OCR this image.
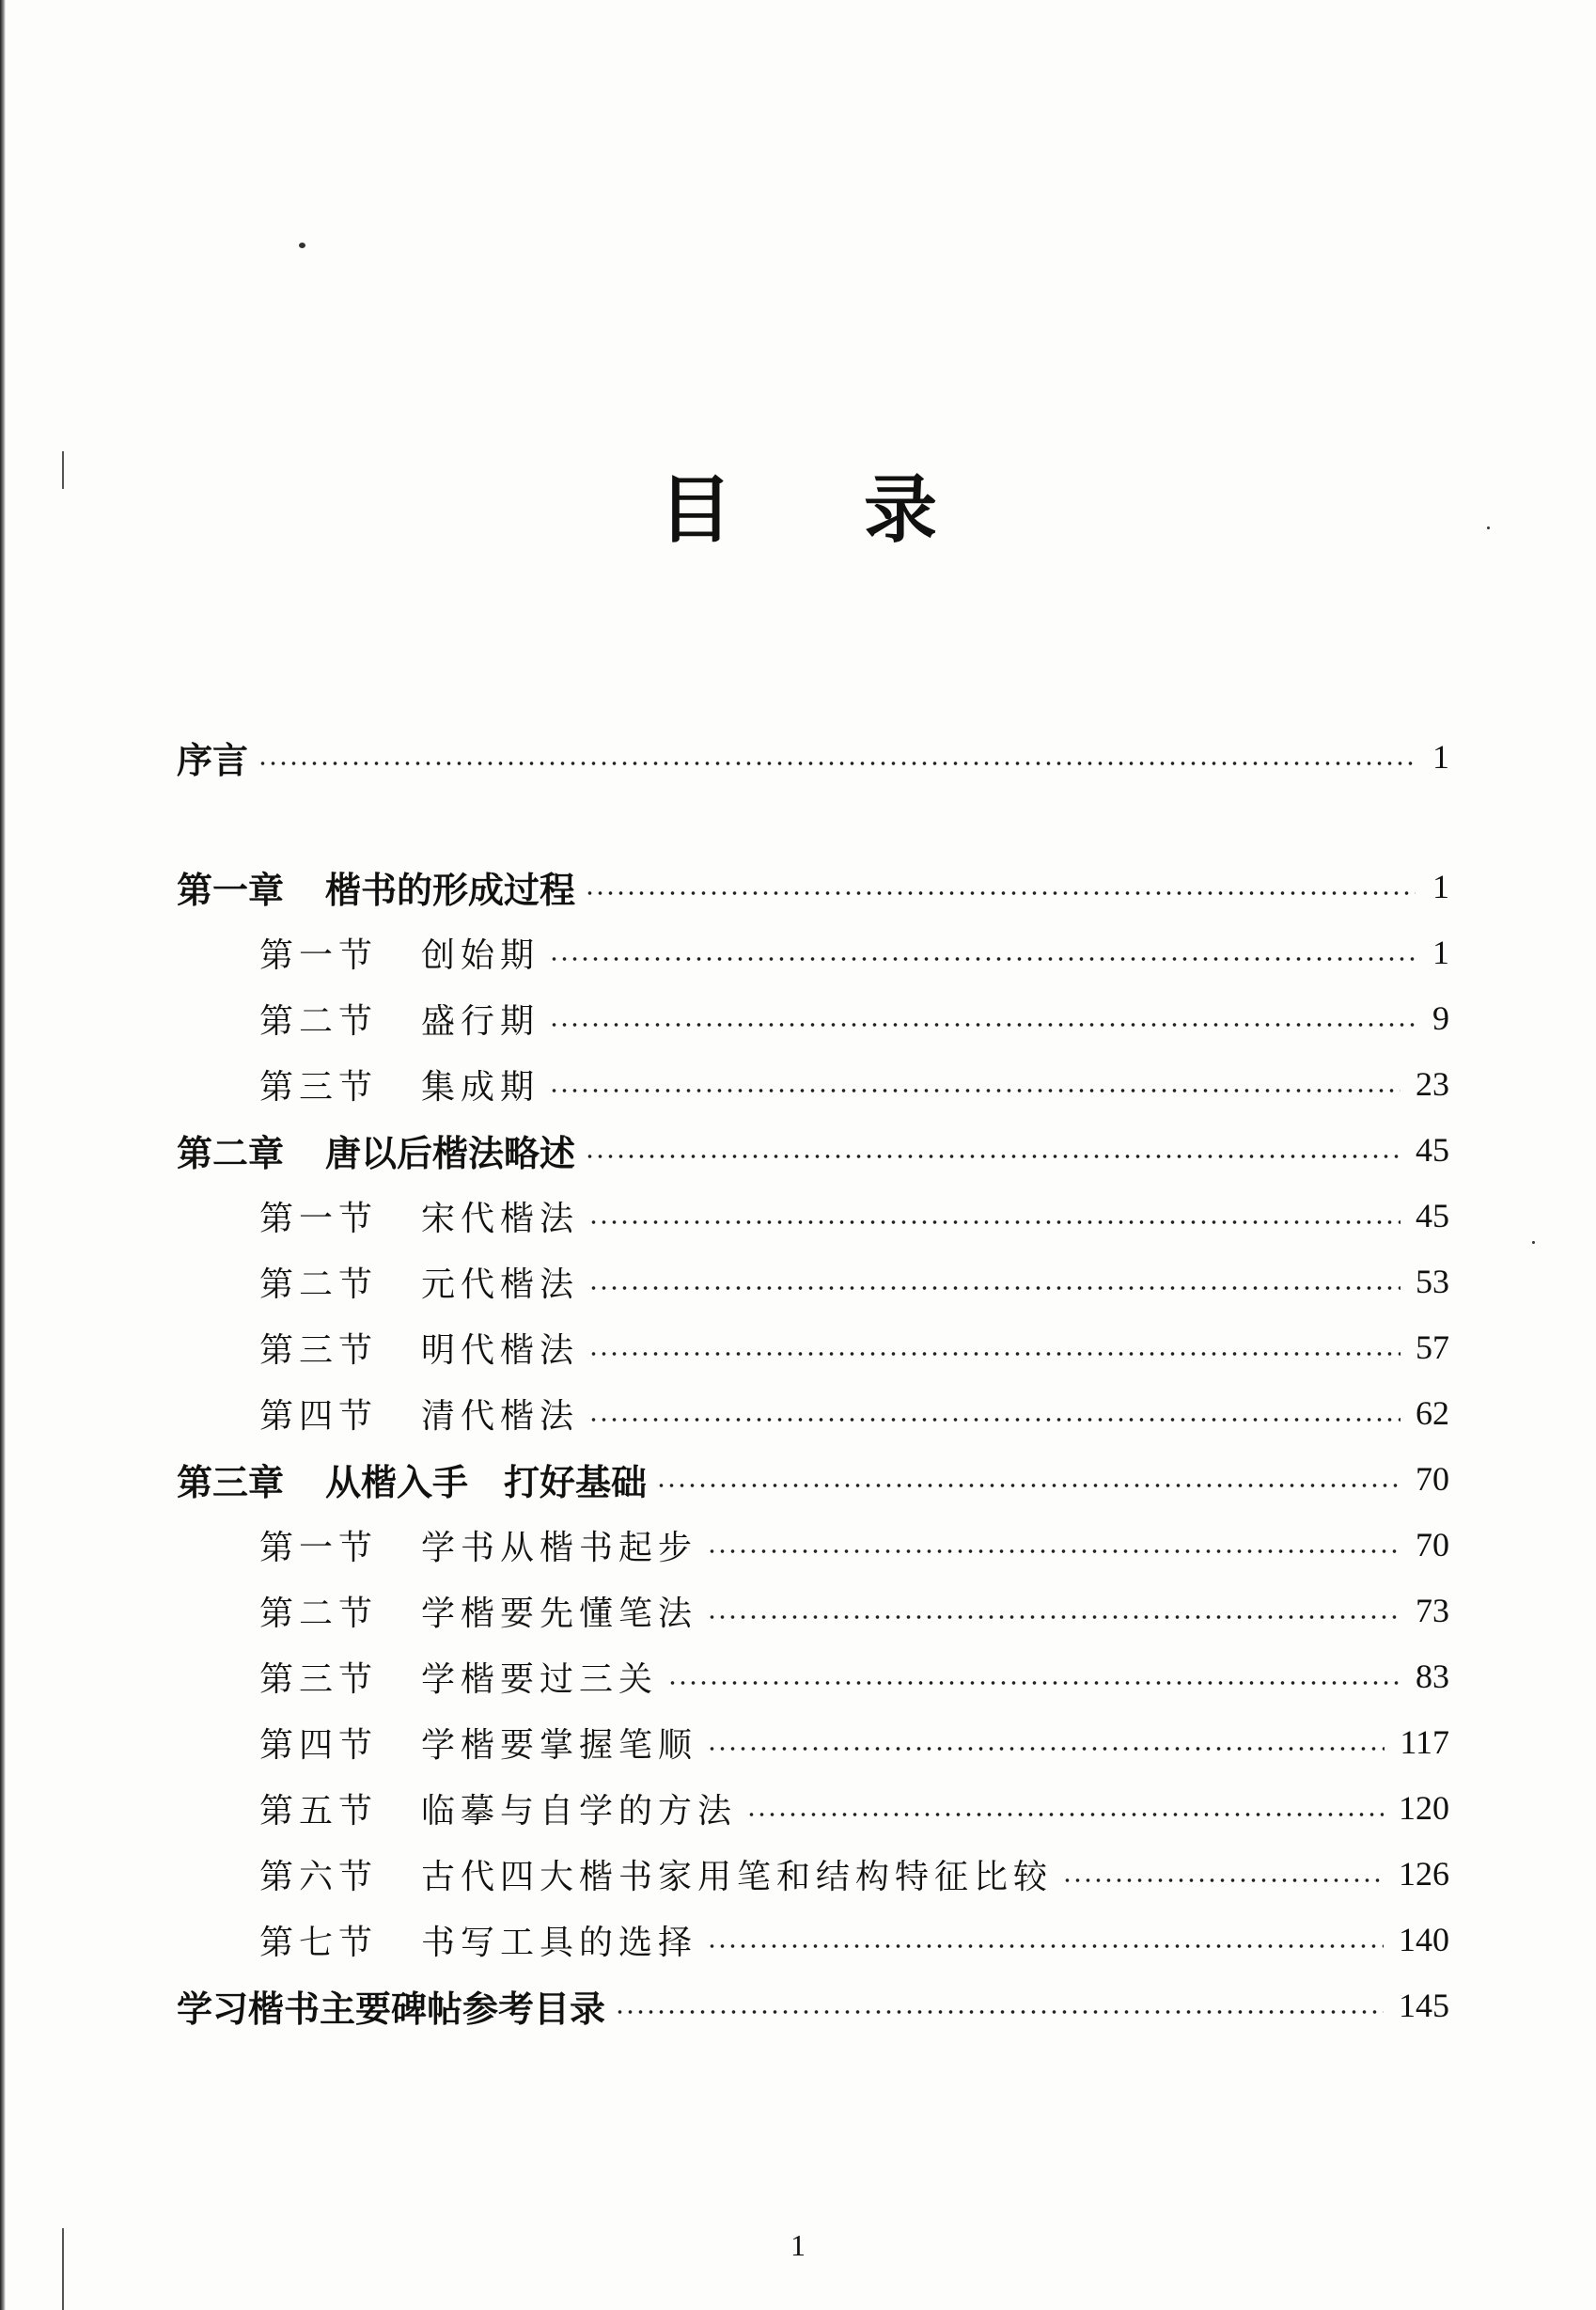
目 录
序言	1
第一章 楷书的形成过程	1
第一节 创始期	1
第二节 盛行期	9
第三节 集成期	23
第二章 唐以后楷法略述	45
第一节 宋代楷法	45
第二节 元代楷法	53
第三节 明代楷法	57
第四节 清代楷法	62
第三章 从楷入手　打好基础	70
第一节 学书从楷书起步	70
第二节 学楷要先懂笔法	73
第三节 学楷要过三关	83
第四节 学楷要掌握笔顺	117
第五节 临摹与自学的方法	120
第六节 古代四大楷书家用笔和结构特征比较	126
第七节 书写工具的选择	140
学习楷书主要碑帖参考目录	145
1
